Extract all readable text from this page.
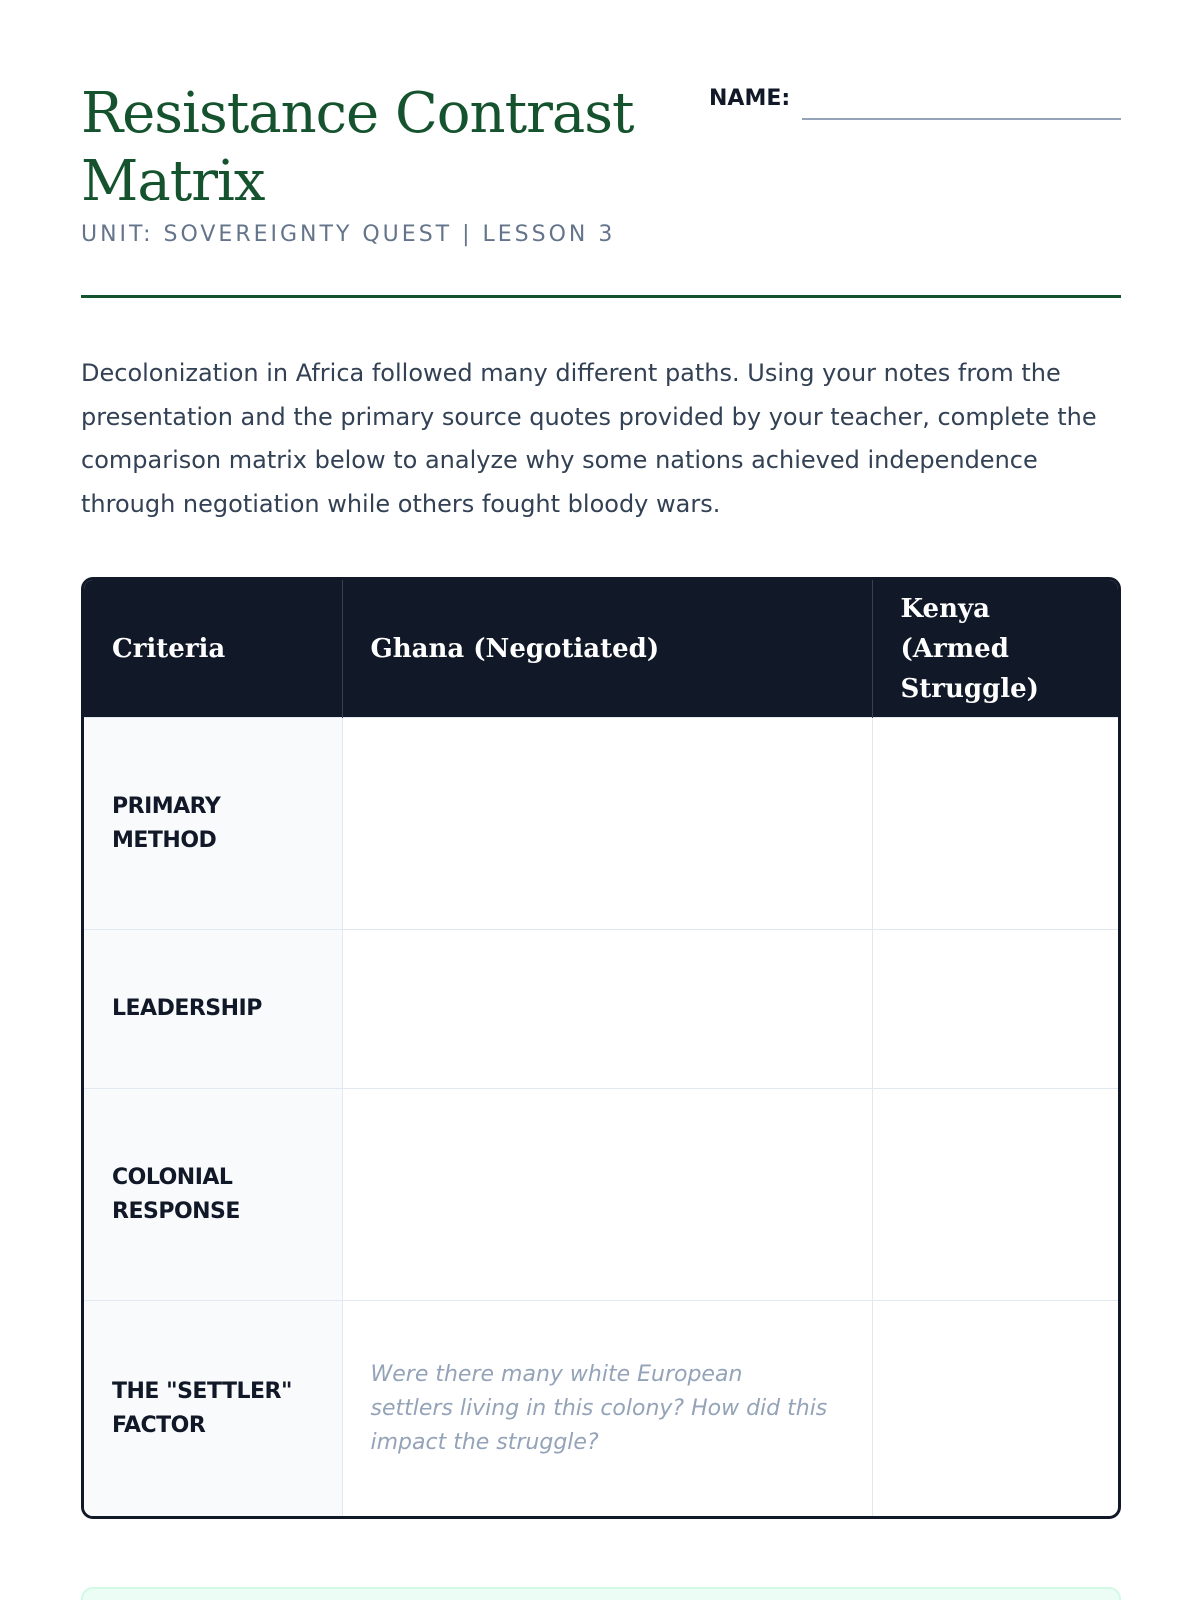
Resistance Contrast Matrix
UNIT: SOVEREIGNTY QUEST | LESSON 3
NAME:

Decolonization in Africa followed many different paths. Using your notes from the presentation and the primary source quotes provided by your teacher, complete the comparison matrix below to analyze why some nations achieved independence through negotiation while others fought bloody wars.

Criteria	Ghana (Negotiated)	Kenya (Armed Struggle)
PRIMARY METHOD		
LEADERSHIP		
COLONIAL RESPONSE		
THE "SETTLER" FACTOR	Were there many white European settlers living in this colony? How did this impact the struggle?	
